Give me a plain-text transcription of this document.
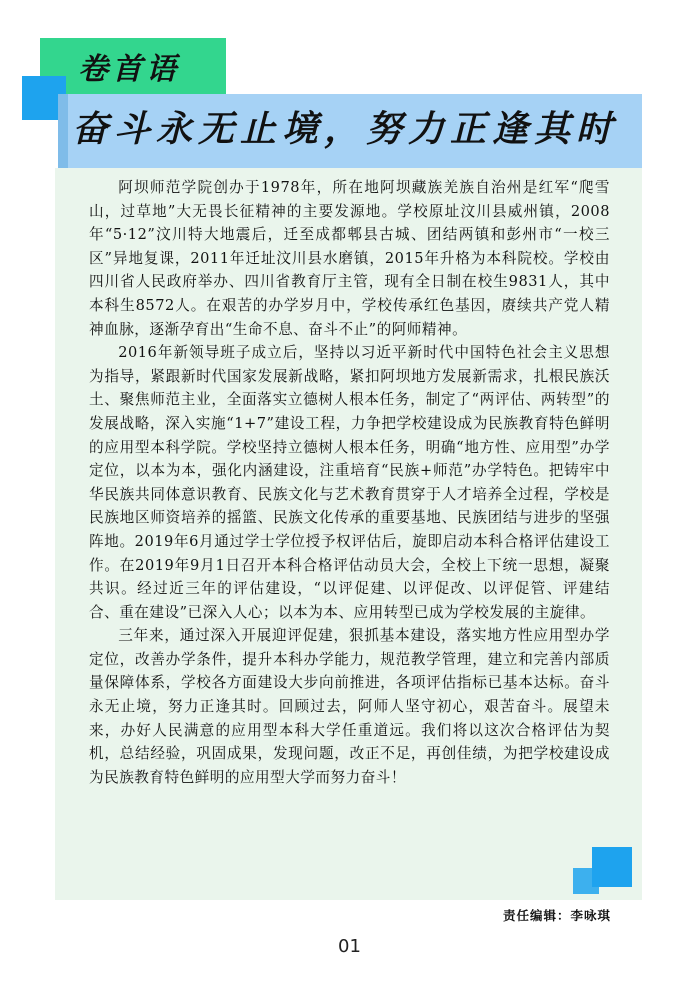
卷首语
奋斗永无止境，努力正逢其时

阿坝师范学院创办于1978年，所在地阿坝藏族羌族自治州是红军“爬雪山，过草地”大无畏长征精神的主要发源地。学校原址汶川县威州镇，2008年“5·12”汶川特大地震后，迁至成都郫县古城、团结两镇和彭州市“一校三区”异地复课，2011年迁址汶川县水磨镇，2015年升格为本科院校。学校由四川省人民政府举办、四川省教育厅主管，现有全日制在校生9831人，其中本科生8572人。在艰苦的办学岁月中，学校传承红色基因，赓续共产党人精神血脉，逐渐孕育出“生命不息、奋斗不止”的阿师精神。

2016年新领导班子成立后，坚持以习近平新时代中国特色社会主义思想为指导，紧跟新时代国家发展新战略，紧扣阿坝地方发展新需求，扎根民族沃土、聚焦师范主业，全面落实立德树人根本任务，制定了“两评估、两转型”的发展战略，深入实施“1+7”建设工程，力争把学校建设成为民族教育特色鲜明的应用型本科学院。学校坚持立德树人根本任务，明确“地方性、应用型”办学定位，以本为本，强化内涵建设，注重培育“民族+师范”办学特色。把铸牢中华民族共同体意识教育、民族文化与艺术教育贯穿于人才培养全过程，学校是民族地区师资培养的摇篮、民族文化传承的重要基地、民族团结与进步的坚强阵地。2019年6月通过学士学位授予权评估后，旋即启动本科合格评估建设工作。在2019年9月1日召开本科合格评估动员大会，全校上下统一思想，凝聚共识。经过近三年的评估建设，“以评促建、以评促改、以评促管、评建结合、重在建设”已深入人心；以本为本、应用转型已成为学校发展的主旋律。

三年来，通过深入开展迎评促建，狠抓基本建设，落实地方性应用型办学定位，改善办学条件，提升本科办学能力，规范教学管理，建立和完善内部质量保障体系，学校各方面建设大步向前推进，各项评估指标已基本达标。奋斗永无止境，努力正逢其时。回顾过去，阿师人坚守初心，艰苦奋斗。展望未来，办好人民满意的应用型本科大学任重道远。我们将以这次合格评估为契机，总结经验，巩固成果，发现问题，改正不足，再创佳绩，为把学校建设成为民族教育特色鲜明的应用型大学而努力奋斗！

责任编辑：李咏琪
01
